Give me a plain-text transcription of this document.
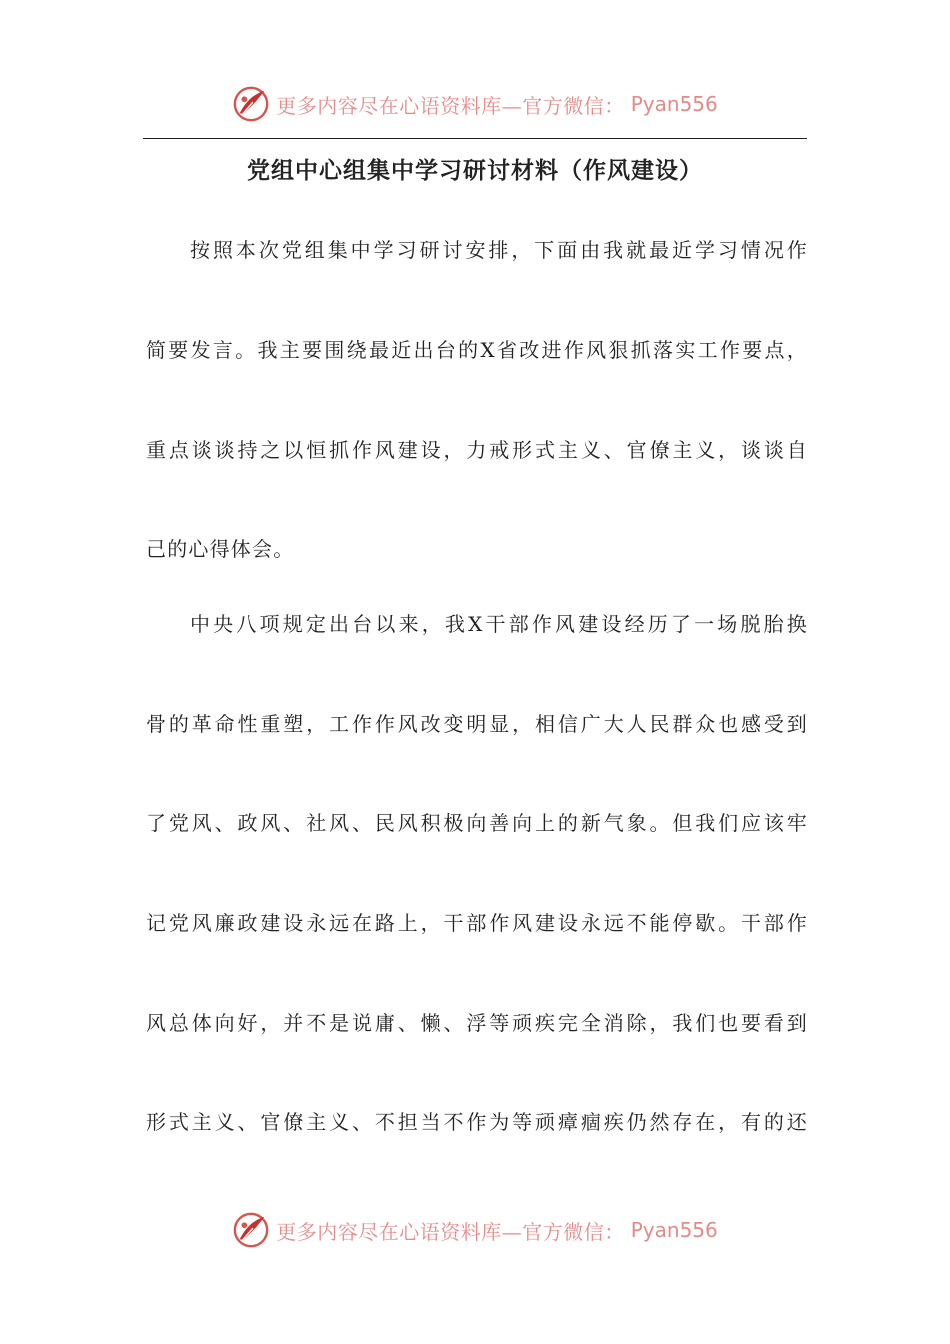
更多内容尽在心语资料库—官方微信： Pyan556
党组中心组集中学习研讨材料（作风建设）
按照本次党组集中学习研讨安排，下面由我就最近学习情况作
简要发言。我主要围绕最近出台的X省改进作风狠抓落实工作要点，
重点谈谈持之以恒抓作风建设，力戒形式主义、官僚主义，谈谈自
己的心得体会。
中央八项规定出台以来，我X干部作风建设经历了一场脱胎换
骨的革命性重塑，工作作风改变明显，相信广大人民群众也感受到
了党风、政风、社风、民风积极向善向上的新气象。但我们应该牢
记党风廉政建设永远在路上，干部作风建设永远不能停歇。干部作
风总体向好，并不是说庸、懒、浮等顽疾完全消除，我们也要看到
形式主义、官僚主义、不担当不作为等顽瘴痼疾仍然存在，有的还
更多内容尽在心语资料库—官方微信： Pyan556
